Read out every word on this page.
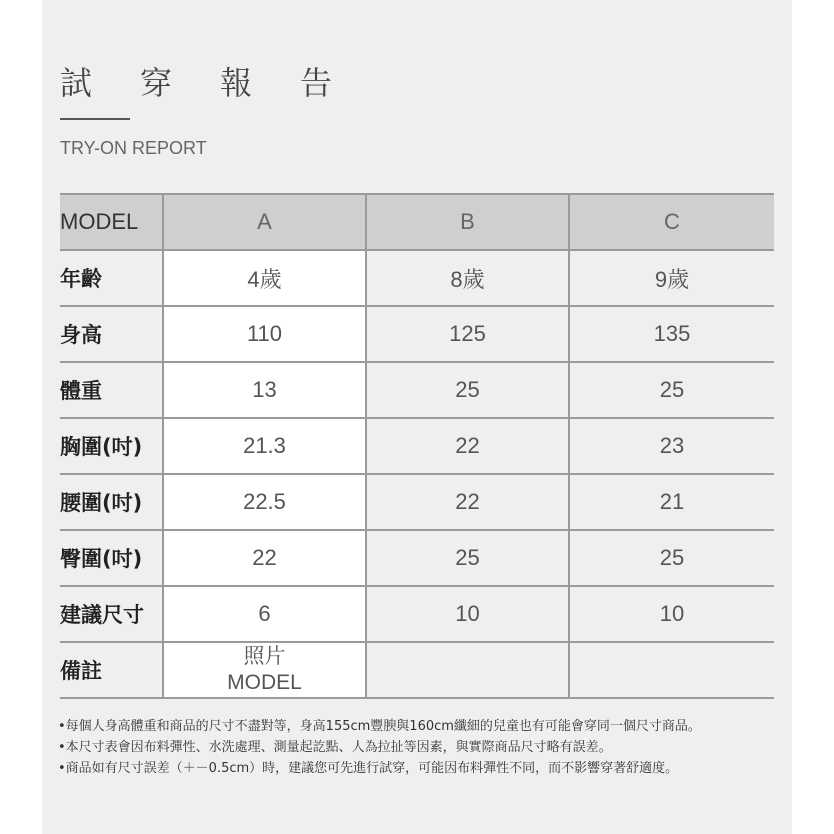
試 穿 報 告
TRY-ON REPORT
MODEL	A	B	C
年齡	4歲	8歲	9歲
身高	110	125	135
體重	13	25	25
胸圍(吋)	21.3	22	23
腰圍(吋)	22.5	22	21
臀圍(吋)	22	25	25
建議尺寸	6	10	10
備註	照片
MODEL		

•每個人身高體重和商品的尺寸不盡對等，身高155cm豐腴與160cm纖細的兒童也有可能會穿同一個尺寸商品。
•本尺寸表會因布料彈性、水洗處理、測量起訖點、人為拉扯等因素，與實際商品尺寸略有誤差。
•商品如有尺寸誤差（＋－0.5cm）時，建議您可先進行試穿，可能因布料彈性不同，而不影響穿著舒適度。
